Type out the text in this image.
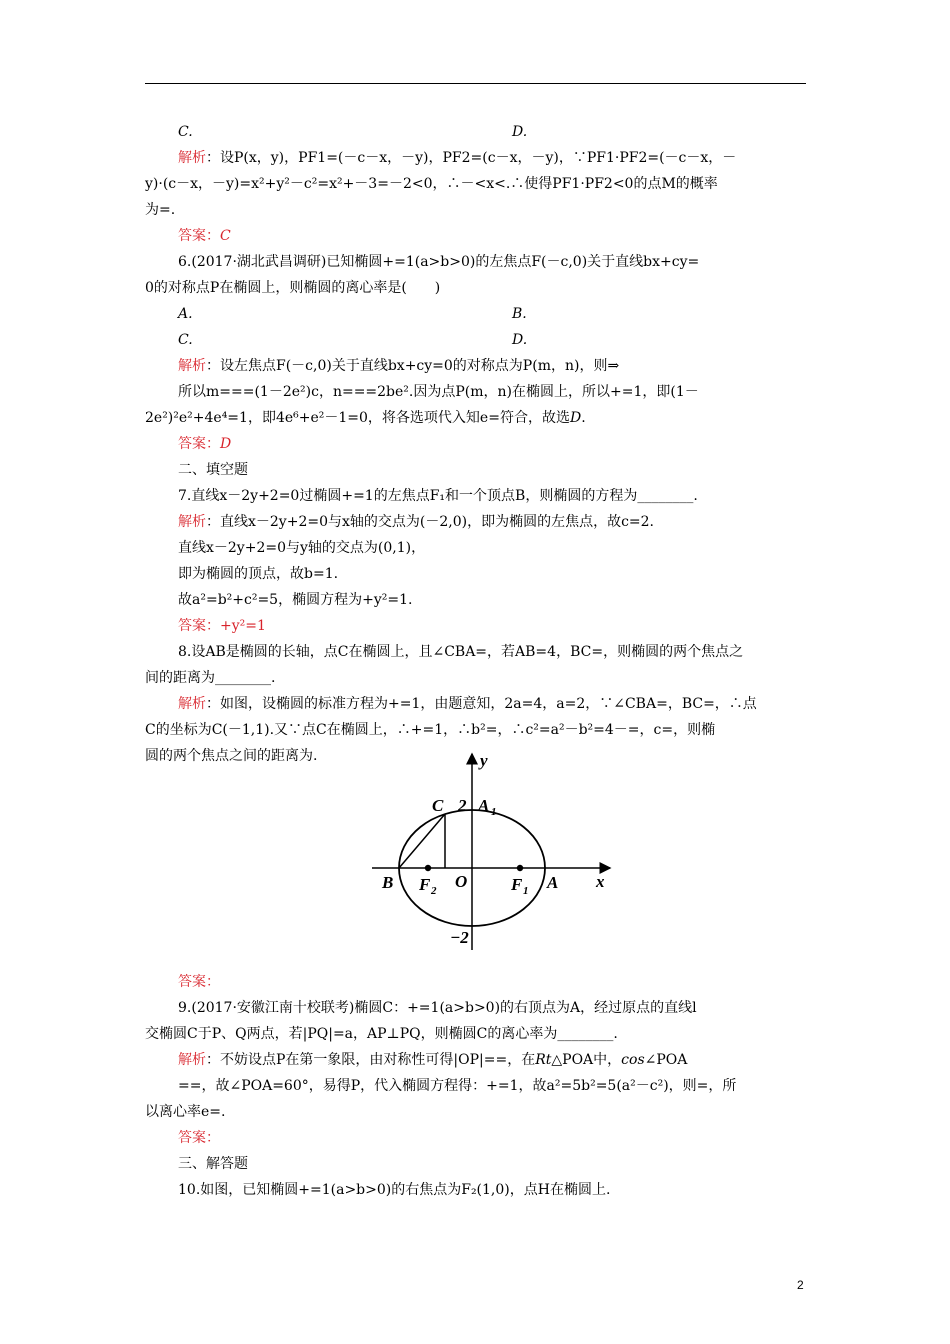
C.	D.
解析：设P(x，y)，PF1=(－c－x，－y)，PF2=(c－x，－y)，∵PF1·PF2=(－c－x，－
y)·(c－x，－y)=x²+y²－c²=x²+－3=－2<0，∴－<x<.∴使得PF1·PF2<0的点M的概率
为=.
答案：C
6.(2017·湖北武昌调研)已知椭圆+=1(a>b>0)的左焦点F(－c,0)关于直线bx+cy=
0的对称点P在椭圆上，则椭圆的离心率是(　　)
A.	B.
C.	D.
解析：设左焦点F(－c,0)关于直线bx+cy=0的对称点为P(m，n)，则⇒
所以m===(1－2e²)c，n===2be².因为点P(m，n)在椭圆上，所以+=1，即(1－
2e²)²e²+4e⁴=1，即4e⁶+e²－1=0，将各选项代入知e=符合，故选D.
答案：D
二、填空题
7.直线x－2y+2=0过椭圆+=1的左焦点F₁和一个顶点B，则椭圆的方程为________.
解析：直线x－2y+2=0与x轴的交点为(－2,0)，即为椭圆的左焦点，故c=2.
直线x－2y+2=0与y轴的交点为(0,1)，
即为椭圆的顶点，故b=1.
故a²=b²+c²=5，椭圆方程为+y²=1.
答案：+y²=1
8.设AB是椭圆的长轴，点C在椭圆上，且∠CBA=，若AB=4，BC=，则椭圆的两个焦点之
间的距离为________.
解析：如图，设椭圆的标准方程为+=1，由题意知，2a=4，a=2，∵∠CBA=，BC=，∴点
C的坐标为C(－1,1).又∵点C在椭圆上，∴+=1，∴b²=，∴c²=a²－b²=4－=，c=，则椭
圆的两个焦点之间的距离为.
答案：
9.(2017·安徽江南十校联考)椭圆C：+=1(a>b>0)的右顶点为A，经过原点的直线l
交椭圆C于P、Q两点，若|PQ|=a，AP⊥PQ，则椭圆C的离心率为________.
解析：不妨设点P在第一象限，由对称性可得|OP|==，在Rt△POA中，cos∠POA
==，故∠POA=60°，易得P，代入椭圆方程得：+=1，故a²=5b²=5(a²－c²)，则=，所
以离心率e=.
答案：
三、解答题
10.如图，已知椭圆+=1(a>b>0)的右焦点为F₂(1,0)，点H在椭圆上.
y
x
C 2 A 1
B F 2 O	F 1 A
−2
2
